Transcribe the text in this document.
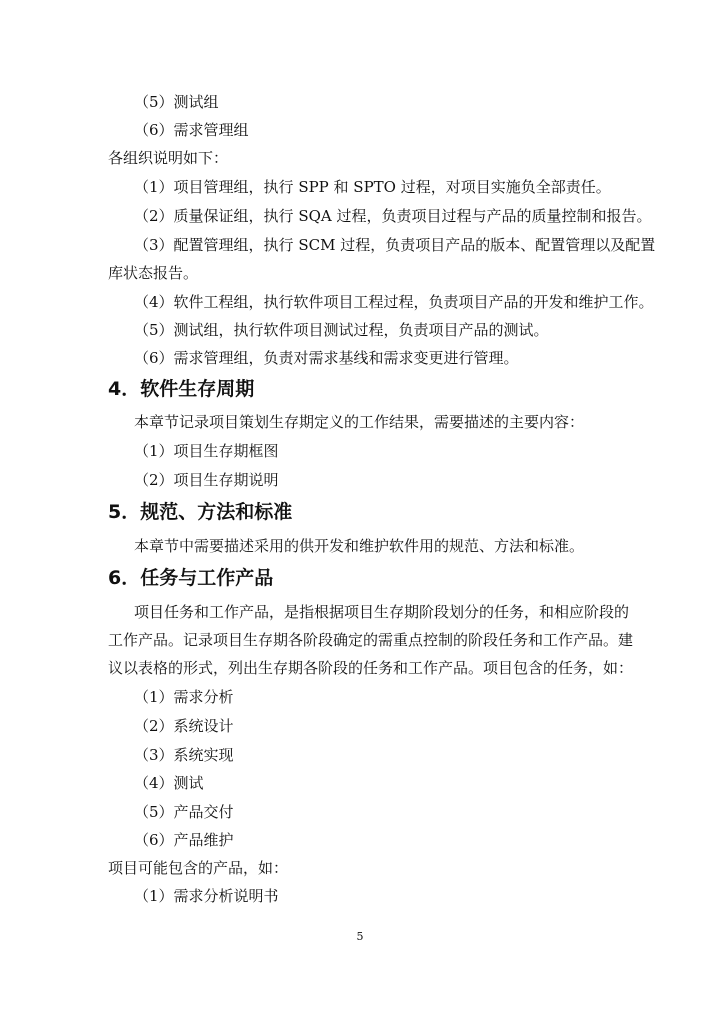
（5）测试组
（6）需求管理组
各组织说明如下：
（1）项目管理组，执行 SPP 和 SPTO 过程，对项目实施负全部责任。
（2）质量保证组，执行 SQA 过程，负责项目过程与产品的质量控制和报告。
（3）配置管理组，执行 SCM 过程，负责项目产品的版本、配置管理以及配置
库状态报告。
（4）软件工程组，执行软件项目工程过程，负责项目产品的开发和维护工作。
（5）测试组，执行软件项目测试过程，负责项目产品的测试。
（6）需求管理组，负责对需求基线和需求变更进行管理。
4．软件生存周期
本章节记录项目策划生存期定义的工作结果，需要描述的主要内容：
（1）项目生存期框图
（2）项目生存期说明
5．规范、方法和标准
本章节中需要描述采用的供开发和维护软件用的规范、方法和标准。
6．任务与工作产品
项目任务和工作产品，是指根据项目生存期阶段划分的任务，和相应阶段的
工作产品。记录项目生存期各阶段确定的需重点控制的阶段任务和工作产品。建
议以表格的形式，列出生存期各阶段的任务和工作产品。项目包含的任务，如：
（1）需求分析
（2）系统设计
（3）系统实现
（4）测试
（5）产品交付
（6）产品维护
项目可能包含的产品，如：
（1）需求分析说明书
5
